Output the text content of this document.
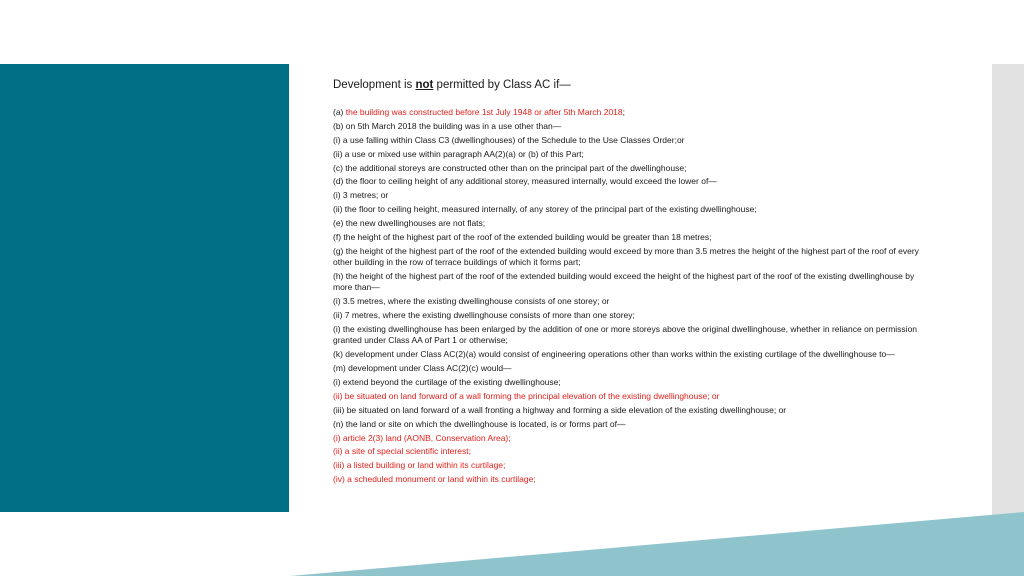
Development is not permitted by Class AC if—

(a) the building was constructed before 1st July 1948 or after 5th March 2018;
(b) on 5th March 2018 the building was in a use other than—
(i) a use falling within Class C3 (dwellinghouses) of the Schedule to the Use Classes Order;or
(ii) a use or mixed use within paragraph AA(2)(a) or (b) of this Part;
(c) the additional storeys are constructed other than on the principal part of the dwellinghouse;
(d) the floor to ceiling height of any additional storey, measured internally, would exceed the lower of—
(i) 3 metres; or
(ii) the floor to ceiling height, measured internally, of any storey of the principal part of the existing dwellinghouse;
(e) the new dwellinghouses are not flats;
(f) the height of the highest part of the roof of the extended building would be greater than 18 metres;
(g) the height of the highest part of the roof of the extended building would exceed by more than 3.5 metres the height of the highest part of the roof of every other building in the row of terrace buildings of which it forms part;
(h) the height of the highest part of the roof of the extended building would exceed the height of the highest part of the roof of the existing dwellinghouse by more than—
(i) 3.5 metres, where the existing dwellinghouse consists of one storey; or
(ii) 7 metres, where the existing dwellinghouse consists of more than one storey;
(i) the existing dwellinghouse has been enlarged by the addition of one or more storeys above the original dwellinghouse, whether in reliance on permission granted under Class AA of Part 1 or otherwise;
(k) development under Class AC(2)(a) would consist of engineering operations other than works within the existing curtilage of the dwellinghouse to—
(m) development under Class AC(2)(c) would—
(i) extend beyond the curtilage of the existing dwellinghouse;
(ii) be situated on land forward of a wall forming the principal elevation of the existing dwellinghouse; or
(iii) be situated on land forward of a wall fronting a highway and forming a side elevation of the existing dwellinghouse; or
(n) the land or site on which the dwellinghouse is located, is or forms part of—
(i) article 2(3) land (AONB, Conservation Area);
(ii) a site of special scientific interest;
(iii) a listed building or land within its curtilage;
(iv) a scheduled monument or land within its curtilage;
